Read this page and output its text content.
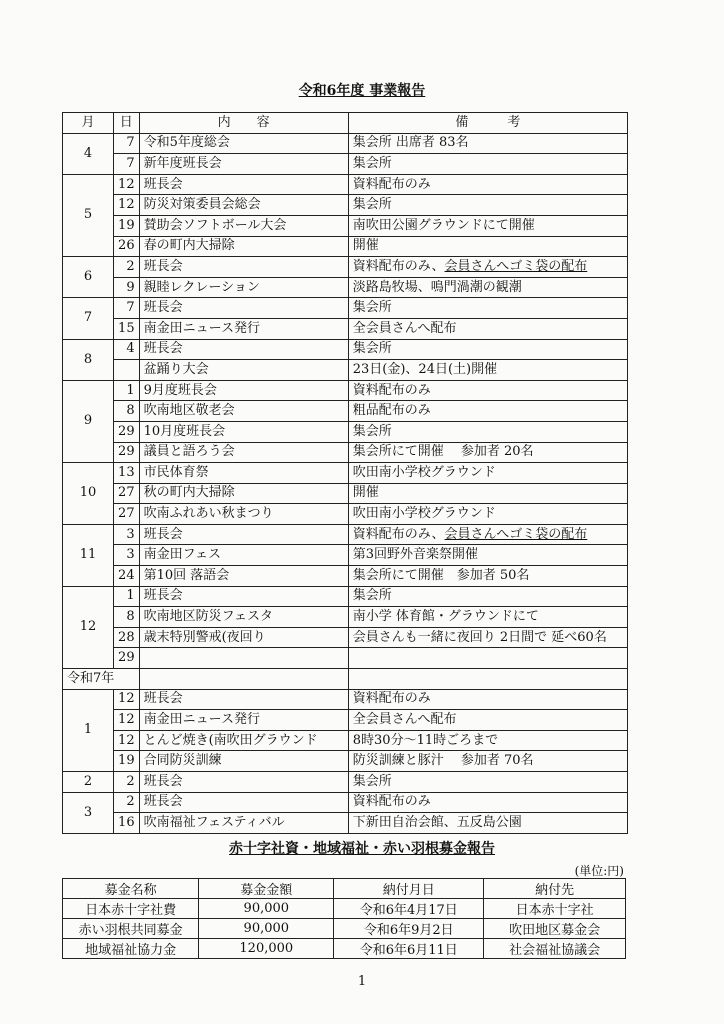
令和6年度 事業報告
月	日	内　　容	備　　　考
4	7	令和5年度総会	集会所 出席者 83名
	7	新年度班長会	集会所
5	12	班長会	資料配布のみ
	12	防災対策委員会総会	集会所
	19	賛助会ソフトボール大会	南吹田公園グラウンドにて開催
	26	春の町内大掃除	開催
6	2	班長会	資料配布のみ、会員さんへゴミ袋の配布
	9	親睦レクレーション	淡路島牧場、鳴門渦潮の観潮
7	7	班長会	集会所
	15	南金田ニュース発行	全会員さんへ配布
8	4	班長会	集会所
		盆踊り大会	23日(金)、24日(土)開催
9	1	9月度班長会	資料配布のみ
	8	吹南地区敬老会	粗品配布のみ
	29	10月度班長会	集会所
	29	議員と語ろう会	集会所にて開催　 参加者 20名
10	13	市民体育祭	吹田南小学校グラウンド
	27	秋の町内大掃除	開催
	27	吹南ふれあい秋まつり	吹田南小学校グラウンド
11	3	班長会	資料配布のみ、会員さんへゴミ袋の配布
	3	南金田フェス	第3回野外音楽祭開催
	24	第10回 落語会	集会所にて開催　参加者 50名
12	1	班長会	集会所
	8	吹南地区防災フェスタ	南小学 体育館・グラウンドにて
	28	歳末特別警戒(夜回り	会員さんも一緒に夜回り 2日間で 延べ60名
	29		
令和7年			
1	12	班長会	資料配布のみ
	12	南金田ニュース発行	全会員さんへ配布
	12	とんど焼き(南吹田グラウンド	8時30分～11時ごろまで
	19	合同防災訓練	防災訓練と豚汁　 参加者 70名
2	2	班長会	集会所
3	2	班長会	資料配布のみ
	16	吹南福祉フェスティバル	下新田自治会館、五反島公園
赤十字社資・地域福祉・赤い羽根募金報告
(単位:円)
募金名称	募金金額	納付月日	納付先
日本赤十字社費	90,000	令和6年4月17日	日本赤十字社
赤い羽根共同募金	90,000	令和6年9月2日	吹田地区募金会
地域福祉協力金	120,000	令和6年6月11日	社会福祉協議会
1
